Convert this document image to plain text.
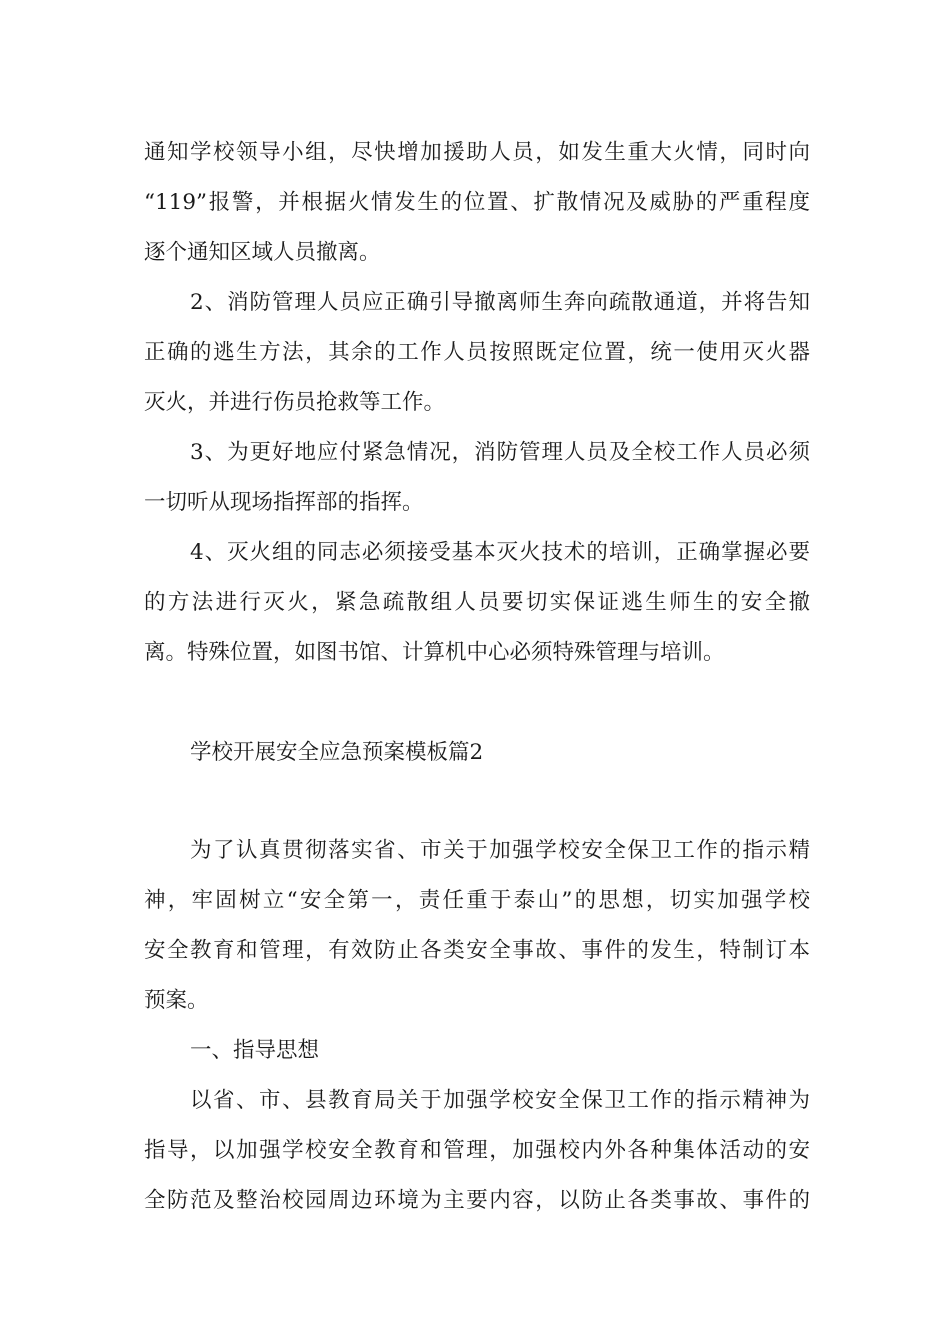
通知学校领导小组，尽快增加援助人员，如发生重大火情，同时向
“119”报警，并根据火情发生的位置、扩散情况及威胁的严重程度
逐个通知区域人员撤离。
2、消防管理人员应正确引导撤离师生奔向疏散通道，并将告知
正确的逃生方法，其余的工作人员按照既定位置，统一使用灭火器
灭火，并进行伤员抢救等工作。
3、为更好地应付紧急情况，消防管理人员及全校工作人员必须
一切听从现场指挥部的指挥。
4、灭火组的同志必须接受基本灭火技术的培训，正确掌握必要
的方法进行灭火，紧急疏散组人员要切实保证逃生师生的安全撤
离。特殊位置，如图书馆、计算机中心必须特殊管理与培训。
学校开展安全应急预案模板篇2
为了认真贯彻落实省、市关于加强学校安全保卫工作的指示精
神，牢固树立“安全第一，责任重于泰山”的思想，切实加强学校
安全教育和管理，有效防止各类安全事故、事件的发生，特制订本
预案。
一、指导思想
以省、市、县教育局关于加强学校安全保卫工作的指示精神为
指导，以加强学校安全教育和管理，加强校内外各种集体活动的安
全防范及整治校园周边环境为主要内容，以防止各类事故、事件的
